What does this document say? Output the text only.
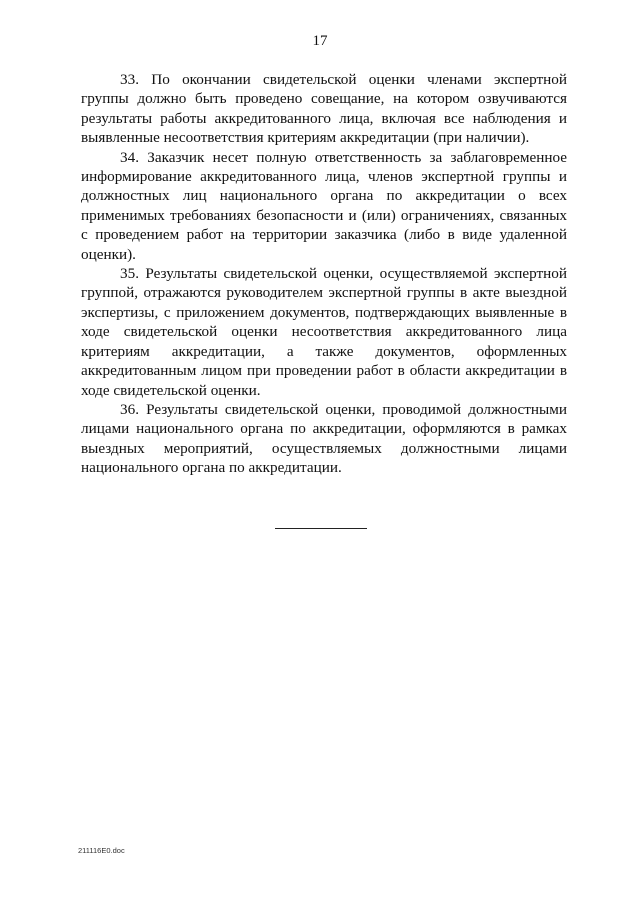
17

33. По окончании свидетельской оценки членами экспертной группы должно быть проведено совещание, на котором озвучиваются результаты работы аккредитованного лица, включая все наблюдения и выявленные несоответствия критериям аккредитации (при наличии).

34. Заказчик несет полную ответственность за заблаговременное информирование аккредитованного лица, членов экспертной группы и должностных лиц национального органа по аккредитации о всех применимых требованиях безопасности и (или) ограничениях, связанных с проведением работ на территории заказчика (либо в виде удаленной оценки).

35. Результаты свидетельской оценки, осуществляемой экспертной группой, отражаются руководителем экспертной группы в акте выездной экспертизы, с приложением документов, подтверждающих выявленные в ходе свидетельской оценки несоответствия аккредитованного лица критериям аккредитации, а также документов, оформленных аккредитованным лицом при проведении работ в области аккредитации в ходе свидетельской оценки.

36. Результаты свидетельской оценки, проводимой должностными лицами национального органа по аккредитации, оформляются в рамках выездных мероприятий, осуществляемых должностными лицами национального органа по аккредитации.

211116E0.doc
